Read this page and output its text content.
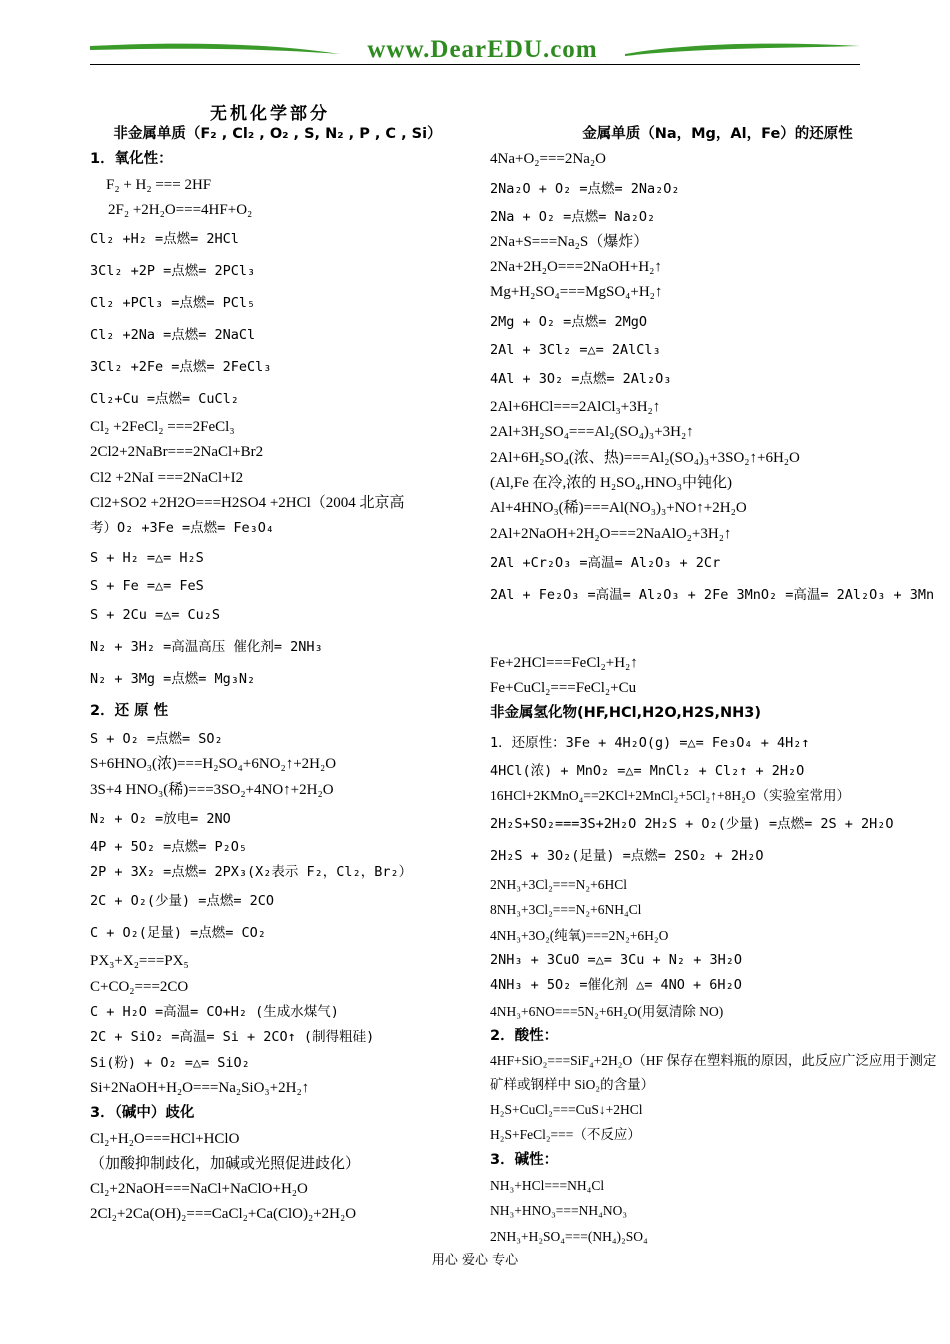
www.DearEDU.com
无机化学部分
非金属单质（F₂ , Cl₂ , O₂ , S, N₂ , P , C , Si）
1．氧化性：
F₂ + H₂ === 2HF
2F₂ +2H₂O===4HF+O₂
Cl₂ +H₂ =点燃= 2HCl
3Cl₂ +2P =点燃= 2PCl₃
Cl₂ +PCl₃ =点燃= PCl₅
Cl₂ +2Na =点燃= 2NaCl
3Cl₂ +2Fe =点燃= 2FeCl₃
Cl₂+Cu =点燃= CuCl₂
Cl₂ +2FeCl₂ ===2FeCl₃
2Cl2+2NaBr===2NaCl+Br2
Cl2 +2NaI ===2NaCl+I2
Cl2+SO2 +2H2O===H2SO4 +2HCl（2004 北京高
考）O₂ +3Fe =点燃= Fe₃O₄
S + H₂ =△= H₂S
S + Fe =△= FeS
S + 2Cu =△= Cu₂S
N₂ + 3H₂ =高温高压 催化剂= 2NH₃
N₂ + 3Mg =点燃= Mg₃N₂
2．还 原 性
S + O₂ =点燃= SO₂
S+6HNO₃(浓)===H₂SO₄+6NO₂↑+2H₂O
3S+4 HNO₃(稀)===3SO₂+4NO↑+2H₂O
N₂ + O₂ =放电= 2NO
4P + 5O₂ =点燃= P₂O₅
2P + 3X₂ =点燃= 2PX₃(X₂表示 F₂，Cl₂，Br₂）
2C + O₂(少量) =点燃= 2CO
C + O₂(足量) =点燃= CO₂
PX₃+X₂===PX₅
C+CO₂===2CO
C + H₂O =高温= CO+H₂ (生成水煤气)
2C + SiO₂ =高温= Si + 2CO↑ (制得粗硅)
Si(粉) + O₂ =△= SiO₂
Si+2NaOH+H₂O===Na₂SiO₃+2H₂↑
3．（碱中）歧化
Cl₂+H₂O===HCl+HClO
（加酸抑制歧化，加碱或光照促进歧化）
Cl₂+2NaOH===NaCl+NaClO+H₂O
2Cl₂+2Ca(OH)₂===CaCl₂+Ca(ClO)₂+2H₂O
金属单质（Na，Mg，Al，Fe）的还原性
4Na+O₂===2Na₂O
2Na₂O + O₂ =点燃= 2Na₂O₂
2Na + O₂ =点燃= Na₂O₂
2Na+S===Na₂S（爆炸）
2Na+2H₂O===2NaOH+H₂↑
Mg+H₂SO₄===MgSO₄+H₂↑
2Mg + O₂ =点燃= 2MgO
2Al + 3Cl₂ =△= 2AlCl₃
4Al + 3O₂ =点燃= 2Al₂O₃
2Al+6HCl===2AlCl₃+3H₂↑
2Al+3H₂SO₄===Al₂(SO₄)₃+3H₂↑
2Al+6H₂SO₄(浓、热)===Al₂(SO₄)₃+3SO₂↑+6H₂O
(Al,Fe 在冷,浓的 H₂SO₄,HNO₃中钝化)
Al+4HNO₃(稀)===Al(NO₃)₃+NO↑+2H₂O
2Al+2NaOH+2H₂O===2NaAlO₂+3H₂↑
2Al +Cr₂O₃ =高温= Al₂O₃ + 2Cr
2Al + Fe₂O₃ =高温= Al₂O₃ + 2Fe 3MnO₂ =高温= 2Al₂O₃ + 3Mn
Fe+2HCl===FeCl₂+H₂↑
Fe+CuCl₂===FeCl₂+Cu
非金属氢化物(HF,HCl,H2O,H2S,NH3)
1．还原性：3Fe + 4H₂O(g) =△= Fe₃O₄ + 4H₂↑
4HCl(浓) + MnO₂ =△= MnCl₂ + Cl₂↑ + 2H₂O
16HCl+2KMnO₄==2KCl+2MnCl₂+5Cl₂↑+8H₂O（实验室常用）
2H₂S+SO₂===3S+2H₂O 2H₂S + O₂(少量) =点燃= 2S + 2H₂O
2H₂S + 3O₂(足量) =点燃= 2SO₂ + 2H₂O
2NH₃+3Cl₂===N₂+6HCl
8NH₃+3Cl₂===N₂+6NH₄Cl
4NH₃+3O₂(纯氧)===2N₂+6H₂O
2NH₃ + 3CuO =△= 3Cu + N₂ + 3H₂O
4NH₃ + 5O₂ =催化剂 △= 4NO + 6H₂O
4NH₃+6NO===5N₂+6H₂O(用氨清除 NO)
2．酸性：
4HF+SiO₂===SiF₄+2H₂O（HF 保存在塑料瓶的原因，此反应广泛应用于测定矿样或钢样中 SiO₂的含量）
H₂S+CuCl₂===CuS↓+2HCl
H₂S+FeCl₂===（不反应）
3．碱性：
NH₃+HCl===NH₄Cl
NH₃+HNO₃===NH₄NO₃
2NH₃+H₂SO₄===(NH₄)₂SO₄
用心 爱心 专心
